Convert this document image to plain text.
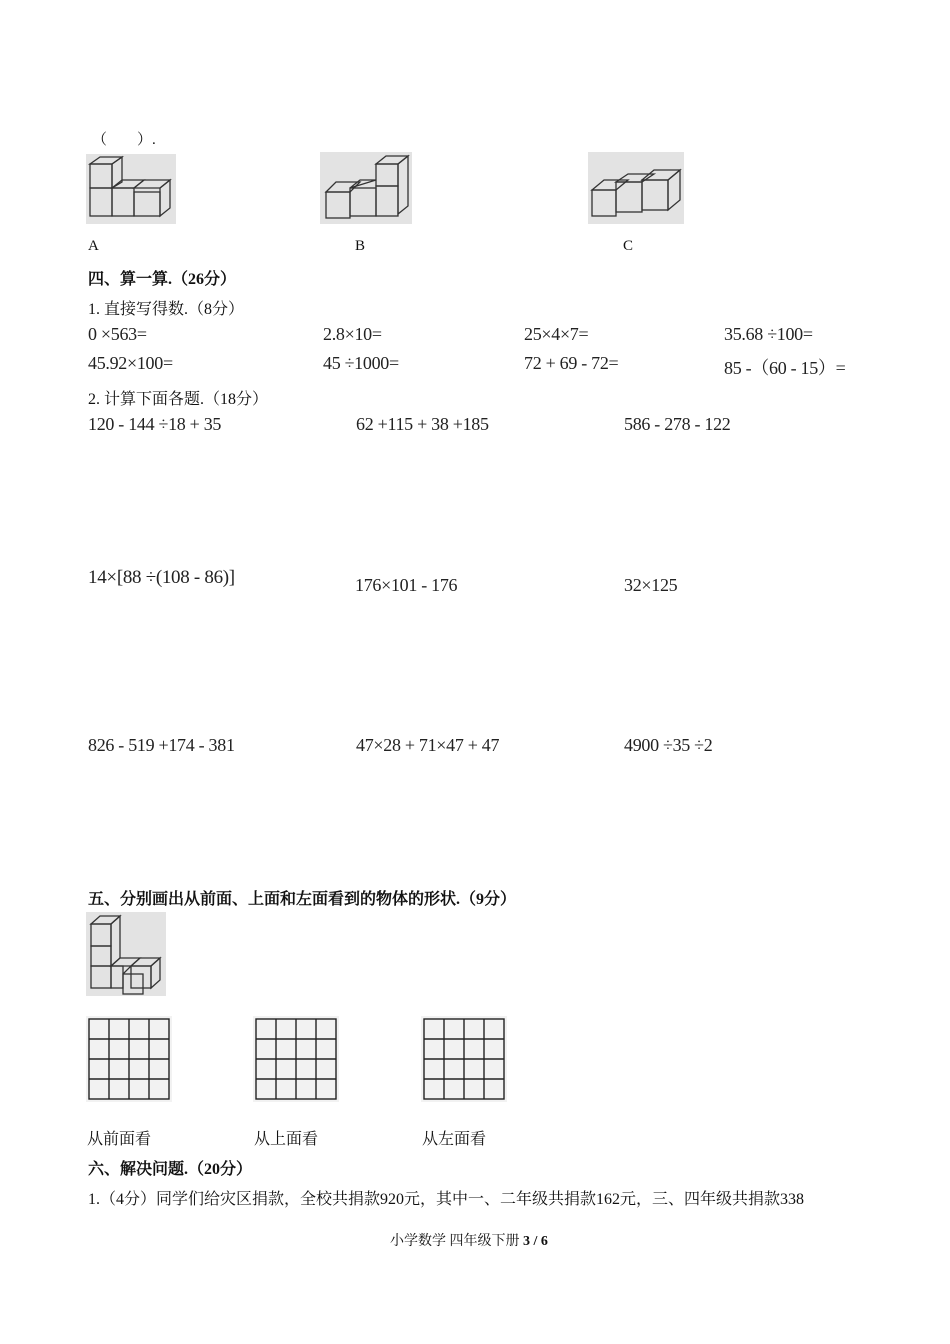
（　　）.
A	B	C
四、算一算.（26分）
1. 直接写得数.（8分）
0 ×563=	2.8×10=	25×4×7=	35.68 ÷100=
45.92×100=	45 ÷1000=	72 + 69 - 72=	85 -（60 - 15）=
2. 计算下面各题.（18分）
120 - 144 ÷18 + 35	62 +115 + 38 +185	586 - 278 - 122
14×[88 ÷(108 - 86)]	176×101 - 176	32×125
826 - 519 +174 - 381	47×28 + 71×47 + 47	4900 ÷35 ÷2
五、分别画出从前面、上面和左面看到的物体的形状.（9分）
从前面看	从上面看	从左面看
六、解决问题.（20分）
1.（4分）同学们给灾区捐款，全校共捐款920元，其中一、二年级共捐款162元，三、四年级共捐款338
小学数学 四年级下册 3 / 6
